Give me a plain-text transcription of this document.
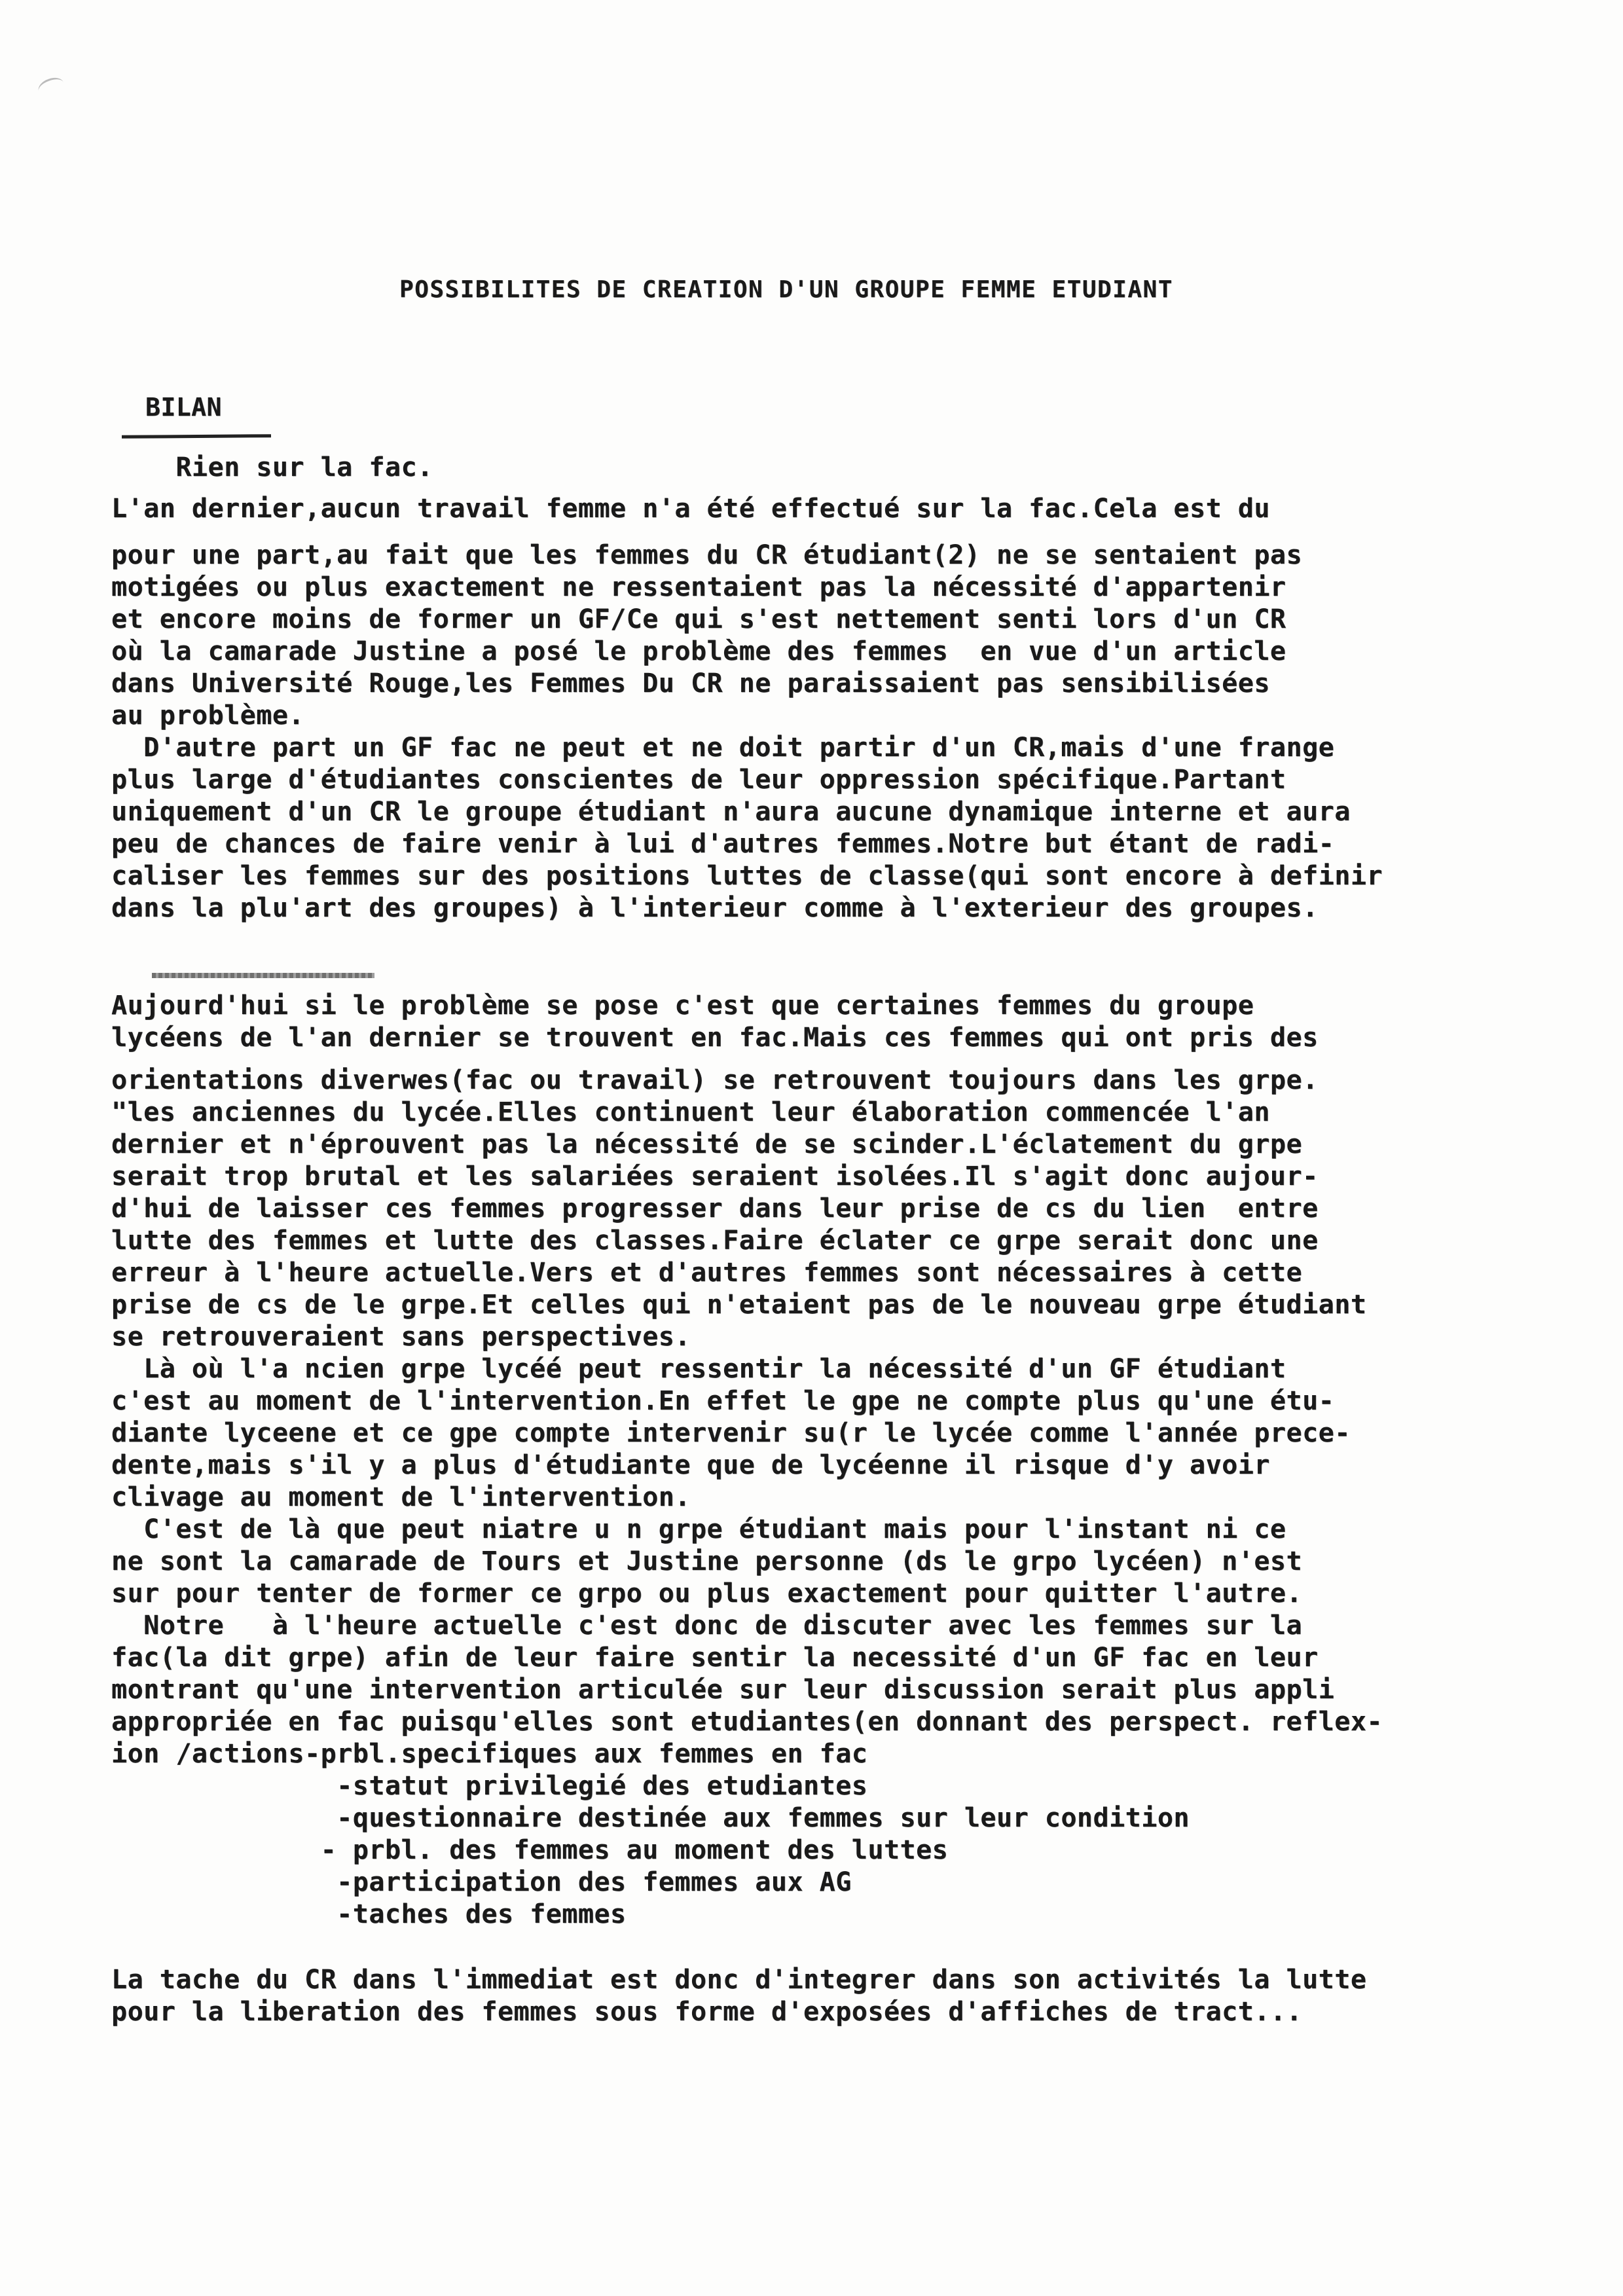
POSSIBILITES DE CREATION D'UN GROUPE FEMME ETUDIANT
BILAN
Rien sur la fac.
L'an dernier,aucun travail femme n'a été effectué sur la fac.Cela est du
pour une part,au fait que les femmes du CR étudiant(2) ne se sentaient pas
motigées ou plus exactement ne ressentaient pas la nécessité d'appartenir
et encore moins de former un GF/Ce qui s'est nettement senti lors d'un CR
où la camarade Justine a posé le problème des femmes  en vue d'un article
dans Université Rouge,les Femmes Du CR ne paraissaient pas sensibilisées
au problème.
D'autre part un GF fac ne peut et ne doit partir d'un CR,mais d'une frange
plus large d'étudiantes conscientes de leur oppression spécifique.Partant
uniquement d'un CR le groupe étudiant n'aura aucune dynamique interne et aura
peu de chances de faire venir à lui d'autres femmes.Notre but étant de radi-
caliser les femmes sur des positions luttes de classe(qui sont encore à definir
dans la plu'art des groupes) à l'interieur comme à l'exterieur des groupes.
Aujourd'hui si le problème se pose c'est que certaines femmes du groupe
lycéens de l'an dernier se trouvent en fac.Mais ces femmes qui ont pris des
orientations diverwes(fac ou travail) se retrouvent toujours dans les grpe.
"les anciennes du lycée.Elles continuent leur élaboration commencée l'an
dernier et n'éprouvent pas la nécessité de se scinder.L'éclatement du grpe
serait trop brutal et les salariées seraient isolées.Il s'agit donc aujour-
d'hui de laisser ces femmes progresser dans leur prise de cs du lien  entre
lutte des femmes et lutte des classes.Faire éclater ce grpe serait donc une
erreur à l'heure actuelle.Vers et d'autres femmes sont nécessaires à cette
prise de cs de le grpe.Et celles qui n'etaient pas de le nouveau grpe étudiant
se retrouveraient sans perspectives.
Là où l'a ncien grpe lycéé peut ressentir la nécessité d'un GF étudiant
c'est au moment de l'intervention.En effet le gpe ne compte plus qu'une étu-
diante lyceene et ce gpe compte intervenir su(r le lycée comme l'année prece-
dente,mais s'il y a plus d'étudiante que de lycéenne il risque d'y avoir
clivage au moment de l'intervention.
C'est de là que peut niatre u n grpe étudiant mais pour l'instant ni ce
ne sont la camarade de Tours et Justine personne (ds le grpo lycéen) n'est
sur pour tenter de former ce grpo ou plus exactement pour quitter l'autre.
Notre   à l'heure actuelle c'est donc de discuter avec les femmes sur la
fac(la dit grpe) afin de leur faire sentir la necessité d'un GF fac en leur
montrant qu'une intervention articulée sur leur discussion serait plus appli
appropriée en fac puisqu'elles sont etudiantes(en donnant des perspect. reflex-
ion /actions-prbl.specifiques aux femmes en fac
-statut privilegié des etudiantes
-questionnaire destinée aux femmes sur leur condition
- prbl. des femmes au moment des luttes
-participation des femmes aux AG
-taches des femmes
La tache du CR dans l'immediat est donc d'integrer dans son activités la lutte
pour la liberation des femmes sous forme d'exposées d'affiches de tract...
